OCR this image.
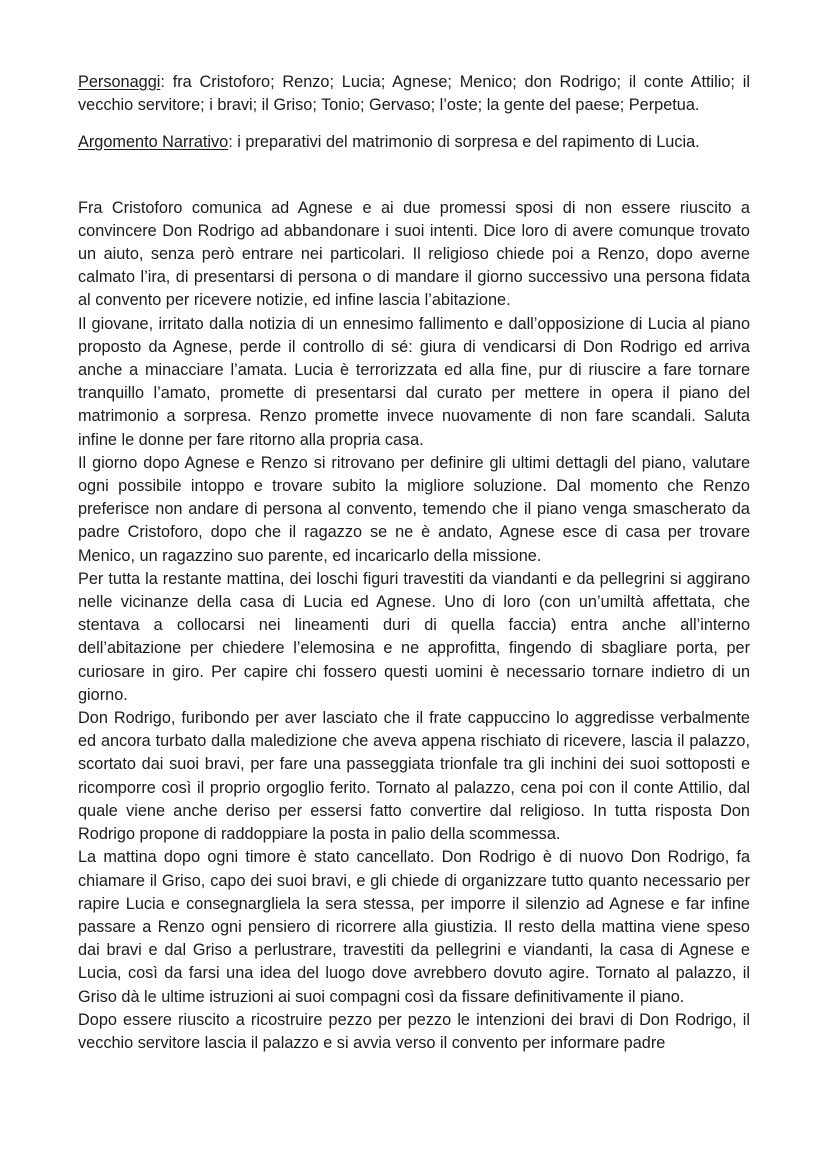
Personaggi: fra Cristoforo; Renzo; Lucia; Agnese; Menico; don Rodrigo; il conte Attilio; il vecchio servitore; i bravi; il Griso; Tonio; Gervaso; l’oste; la gente del paese; Perpetua.

Argomento Narrativo: i preparativi del matrimonio di sorpresa e del rapimento di Lucia.

Fra Cristoforo comunica ad Agnese e ai due promessi sposi di non essere riuscito a convincere Don Rodrigo ad abbandonare i suoi intenti. Dice loro di avere comunque trovato un aiuto, senza però entrare nei particolari. Il religioso chiede poi a Renzo, dopo averne calmato l’ira, di presentarsi di persona o di mandare il giorno successivo una persona fidata al convento per ricevere notizie, ed infine lascia l’abitazione.

Il giovane, irritato dalla notizia di un ennesimo fallimento e dall’opposizione di Lucia al piano proposto da Agnese, perde il controllo di sé: giura di vendicarsi di Don Rodrigo ed arriva anche a minacciare l’amata. Lucia è terrorizzata ed alla fine, pur di riuscire a fare tornare tranquillo l’amato, promette di presentarsi dal curato per mettere in opera il piano del matrimonio a sorpresa. Renzo promette invece nuovamente di non fare scandali. Saluta infine le donne per fare ritorno alla propria casa.

Il giorno dopo Agnese e Renzo si ritrovano per definire gli ultimi dettagli del piano, valutare ogni possibile intoppo e trovare subito la migliore soluzione. Dal momento che Renzo preferisce non andare di persona al convento, temendo che il piano venga smascherato da padre Cristoforo, dopo che il ragazzo se ne è andato, Agnese esce di casa per trovare Menico, un ragazzino suo parente, ed incaricarlo della missione.

Per tutta la restante mattina, dei loschi figuri travestiti da viandanti e da pellegrini si aggirano nelle vicinanze della casa di Lucia ed Agnese. Uno di loro (con un’umiltà affettata, che stentava a collocarsi nei lineamenti duri di quella faccia) entra anche all’interno dell’abitazione per chiedere l’elemosina e ne approfitta, fingendo di sbagliare porta, per curiosare in giro. Per capire chi fossero questi uomini è necessario tornare indietro di un giorno.

Don Rodrigo, furibondo per aver lasciato che il frate cappuccino lo aggredisse verbalmente ed ancora turbato dalla maledizione che aveva appena rischiato di ricevere, lascia il palazzo, scortato dai suoi bravi, per fare una passeggiata trionfale tra gli inchini dei suoi sottoposti e ricomporre così il proprio orgoglio ferito. Tornato al palazzo, cena poi con il conte Attilio, dal quale viene anche deriso per essersi fatto convertire dal religioso. In tutta risposta Don Rodrigo propone di raddoppiare la posta in palio della scommessa.

La mattina dopo ogni timore è stato cancellato. Don Rodrigo è di nuovo Don Rodrigo, fa chiamare il Griso, capo dei suoi bravi, e gli chiede di organizzare tutto quanto necessario per rapire Lucia e consegnargliela la sera stessa, per imporre il silenzio ad Agnese e far infine passare a Renzo ogni pensiero di ricorrere alla giustizia. Il resto della mattina viene speso dai bravi e dal Griso a perlustrare, travestiti da pellegrini e viandanti, la casa di Agnese e Lucia, così da farsi una idea del luogo dove avrebbero dovuto agire. Tornato al palazzo, il Griso dà le ultime istruzioni ai suoi compagni così da fissare definitivamente il piano.

Dopo essere riuscito a ricostruire pezzo per pezzo le intenzioni dei bravi di Don Rodrigo, il vecchio servitore lascia il palazzo e si avvia verso il convento per informare padre
